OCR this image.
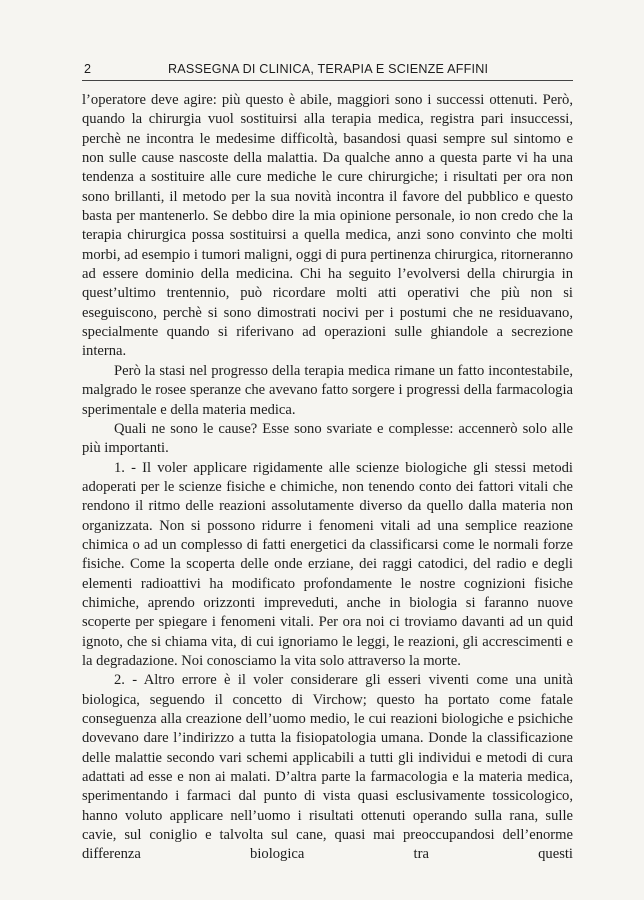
2	RASSEGNA DI CLINICA, TERAPIA E SCIENZE AFFINI

l’operatore deve agire: più questo è abile, maggiori sono i successi ottenuti. Però, quando la chirurgia vuol sostituirsi alla terapia medica, registra pari insuccessi, perchè ne incontra le medesime difficoltà, basandosi quasi sempre sul sintomo e non sulle cause nascoste della malattia. Da qualche anno a questa parte vi ha una tendenza a sostituire alle cure mediche le cure chirurgiche; i risultati per ora non sono brillanti, il metodo per la sua novità incontra il favore del pubblico e questo basta per mantenerlo. Se debbo dire la mia opinione personale, io non credo che la terapia chirurgica possa sostituirsi a quella medica, anzi sono convinto che molti morbi, ad esempio i tumori maligni, oggi di pura pertinenza chirurgica, ritorneranno ad essere dominio della medicina. Chi ha seguito l’evolversi della chirurgia in quest’ultimo trentennio, può ricordare molti atti operativi che più non si eseguiscono, perchè si sono dimostrati nocivi per i postumi che ne residuavano, specialmente quando si riferivano ad operazioni sulle ghiandole a secrezione interna.

Però la stasi nel progresso della terapia medica rimane un fatto incontestabile, malgrado le rosee speranze che avevano fatto sorgere i progressi della farmacologia sperimentale e della materia medica.

Quali ne sono le cause? Esse sono svariate e complesse: accennerò solo alle più importanti.

1. - Il voler applicare rigidamente alle scienze biologiche gli stessi metodi adoperati per le scienze fisiche e chimiche, non tenendo conto dei fattori vitali che rendono il ritmo delle reazioni assolutamente diverso da quello dalla materia non organizzata. Non si possono ridurre i fenomeni vitali ad una semplice reazione chimica o ad un complesso di fatti energetici da classificarsi come le normali forze fisiche. Come la scoperta delle onde erziane, dei raggi catodici, del radio e degli elementi radioattivi ha modificato profondamente le nostre cognizioni fisiche chimiche, aprendo orizzonti impreveduti, anche in biologia si faranno nuove scoperte per spiegare i fenomeni vitali. Per ora noi ci troviamo davanti ad un quid ignoto, che si chiama vita, di cui ignoriamo le leggi, le reazioni, gli accrescimenti e la degradazione. Noi conosciamo la vita solo attraverso la morte.

2. - Altro errore è il voler considerare gli esseri viventi come una unità biologica, seguendo il concetto di Virchow; questo ha portato come fatale conseguenza alla creazione dell’uomo medio, le cui reazioni biologiche e psichiche dovevano dare l’indirizzo a tutta la fisiopatologia umana. Donde la classificazione delle malattie secondo vari schemi applicabili a tutti gli individui e metodi di cura adattati ad esse e non ai malati. D’altra parte la farmacologia e la materia medica, sperimentando i farmaci dal punto di vista quasi esclusivamente tossicologico, hanno voluto applicare nell’uomo i risultati ottenuti operando sulla rana, sulle cavie, sul coniglio e talvolta sul cane, quasi mai preoccupandosi dell’enorme differenza biologica tra questi
